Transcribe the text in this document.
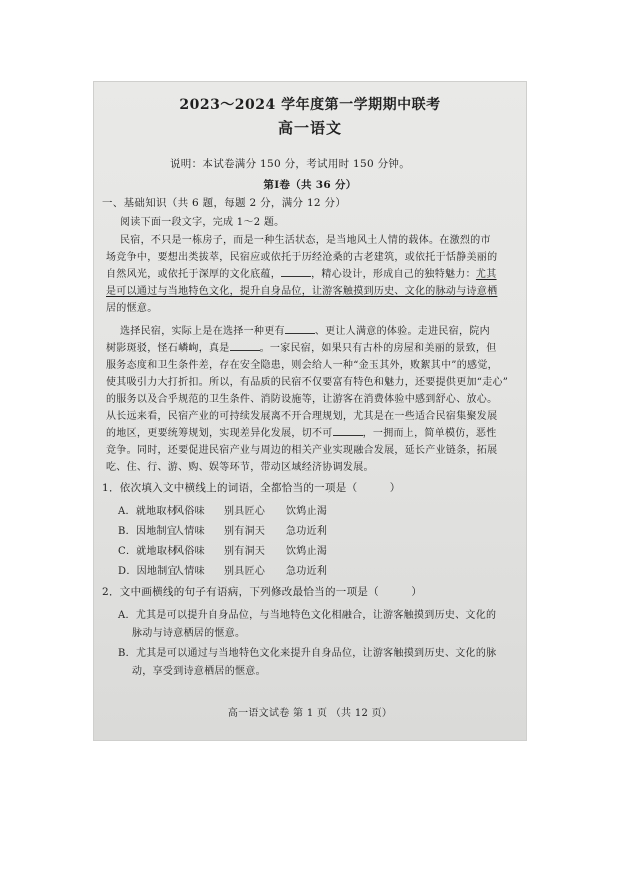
2023～2024 学年度第一学期期中联考
高一语文
说明：本试卷满分 150 分，考试用时 150 分钟。
第Ⅰ卷（共 36 分）
一、基础知识（共 6 题，每题 2 分，满分 12 分）
阅读下面一段文字，完成 1～2 题。
民宿，不只是一栋房子，而是一种生活状态，是当地风土人情的载体。在激烈的市
场竞争中，要想出类拔萃，民宿应或依托于历经沧桑的古老建筑，或依托于恬静美丽的
自然风光，或依托于深厚的文化底蕴，	，精心设计，形成自己的独特魅力：尤其
是可以通过与当地特色文化，提升自身品位，让游客触摸到历史、文化的脉动与诗意栖
居的惬意。
选择民宿，实际上是在选择一种更有	、更让人满意的体验。走进民宿，院内
树影斑驳，怪石嶙峋，真是	。一家民宿，如果只有古朴的房屋和美丽的景致，但
服务态度和卫生条件差，存在安全隐患，则会给人一种“金玉其外，败絮其中”的感觉，
使其吸引力大打折扣。所以，有品质的民宿不仅要富有特色和魅力，还要提供更加“走心”
的服务以及合乎规范的卫生条件、消防设施等，让游客在消费体验中感到舒心、放心。
从长远来看，民宿产业的可持续发展离不开合理规划，尤其是在一些适合民宿集聚发展
的地区，更要统筹规划，实现差异化发展，切不可	，一拥而上，简单模仿，恶性
竞争。同时，还要促进民宿产业与周边的相关产业实现融合发展，延长产业链条，拓展
吃、住、行、游、购、娱等环节，带动区域经济协调发展。
1．依次填入文中横线上的词语，全都恰当的一项是（　　　）
A．就地取材风俗味 别具匠心 饮鸩止渴
B．因地制宜人情味 别有洞天 急功近利
C．就地取材风俗味 别有洞天 饮鸩止渴
D．因地制宜人情味 别具匠心 急功近利
2．文中画横线的句子有语病，下列修改最恰当的一项是（　　　）
A．尤其是可以提升自身品位，与当地特色文化相融合，让游客触摸到历史、文化的
脉动与诗意栖居的惬意。
B．尤其是可以通过与当地特色文化来提升自身品位，让游客触摸到历史、文化的脉
动，享受到诗意栖居的惬意。
高一语文试卷 第 1 页 （共 12 页）
